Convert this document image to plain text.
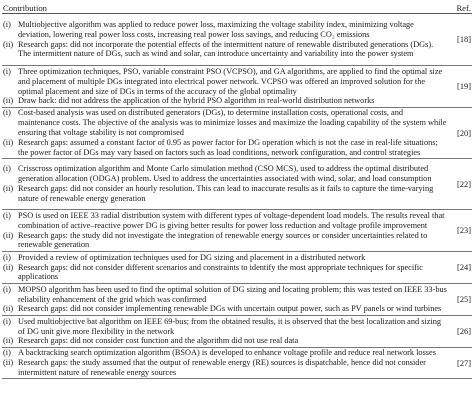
Contribution	Ref.
(i) Multiobjective algorithm was applied to reduce power loss, maximizing the voltage stability index, minimizing voltage deviation, lowering real power loss costs, increasing real power loss savings, and reducing CO₂ emissions
(ii) Research gaps: did not incorporate the potential effects of the intermittent nature of renewable distributed generations (DGs). The intermittent nature of DGs, such as wind and solar, can introduce uncertainty and variability into the power system
[18]
(i) Three optimization techniques, PSO, variable constraint PSO (VCPSO), and GA algorithms, are applied to find the optimal size and placement of multiple DGs integrated into electrical power network. VCPSO was offered an improved solution for the optimal placement and size of DGs in terms of the accuracy of the global optimality
(ii) Draw back: did not address the application of the hybrid PSO algorithm in real-world distribution networks
[19]
(i) Cost-based analysis was used on distributed generators (DGs), to determine installation costs, operational costs, and maintenance costs. The objective of the analysis was to minimize losses and maximize the loading capability of the system while ensuring that voltage stability is not compromised
(ii) Research gaps: assumed a constant factor of 0.95 as power factor for DG operation which is not the case in real-life situations; the power factor of DGs may vary based on factors such as load conditions, network configuration, and control strategies
[20]
(i) Crisscross optimization algorithm and Monte Carlo simulation method (CSO MCS), used to address the optimal distributed generation allocation (ODGA) problem. Used to address the uncertainties associated with wind, solar, and load consumption
(ii) Research gaps: did not consider an hourly resolution. This can lead to inaccurate results as it fails to capture the time-varying nature of renewable energy generation
[22]
(i) PSO is used on IEEE 33 radial distribution system with different types of voltage-dependent load models. The results reveal that combination of active–reactive power DG is giving better results for power loss reduction and voltage profile improvement
(ii) Research gaps: the study did not investigate the integration of renewable energy sources or consider uncertainties related to renewable generation
[23]
(i) Provided a review of optimization techniques used for DG sizing and placement in a distributed network
(ii) Research gaps: did not consider different scenarios and constraints to identify the most appropriate techniques for specific applications
[24]
(i) MOPSO algorithm has been used to find the optimal solution of DG sizing and locating problem; this was tested on IEEE 33-bus reliability enhancement of the grid which was confirmed
(ii) Research gaps: did not consider implementing renewable DGs with uncertain output power, such as PV panels or wind turbines
[25]
(i) Used multiobjective bat algorithm on IEEE 69-bus; from the obtained results, it is observed that the best localization and sizing of DG unit give more flexibility in the network
(ii) Research gaps: did not consider cost function and the algorithm did not use real data
[26]
(i) A backtracking search optimization algorithm (BSOA) is developed to enhance voltage profile and reduce real network losses
(ii) Research gaps: the study assumed that the output of renewable energy (RE) sources is dispatchable, hence did not consider intermittent nature of renewable energy sources
[27]
